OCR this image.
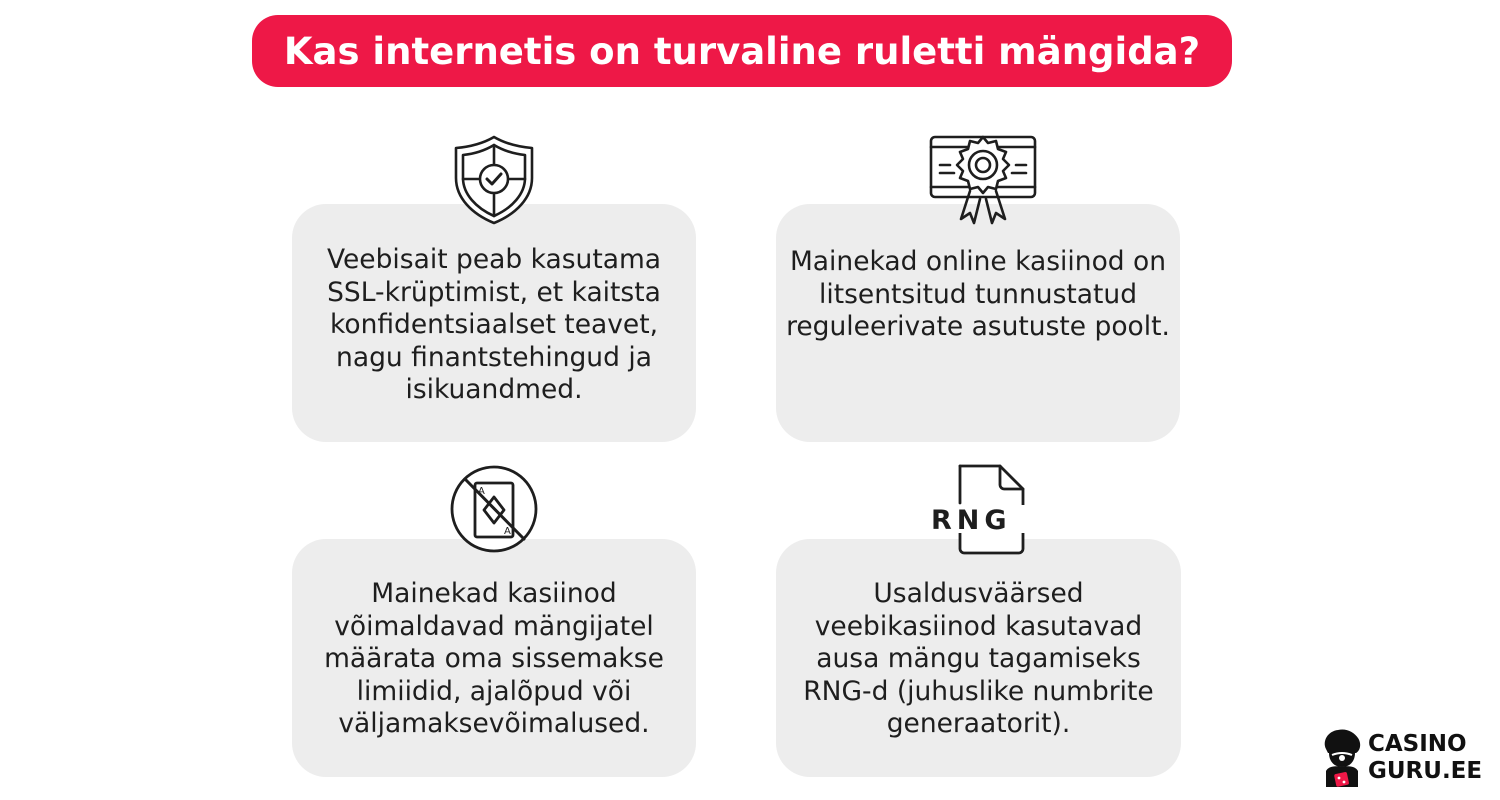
Kas internetis on turvaline ruletti mängida?

Veebisait peab kasutama SSL-krüptimist, et kaitsta konfidentsiaalset teavet, nagu finantstehingud ja isikuandmed.

Mainekad online kasiinod on litsentsitud tunnustatud reguleerivate asutuste poolt.

Mainekad kasiinod võimaldavad mängijatel määrata oma sissemakse limiidid, ajalõpud või väljamaksevõimalused.

A
A

Usaldusväärsed veebikasiinod kasutavad ausa mängu tagamiseks RNG-d (juhuslike numbrite generaatorit).

RNG
CASINO
GURU.EE
